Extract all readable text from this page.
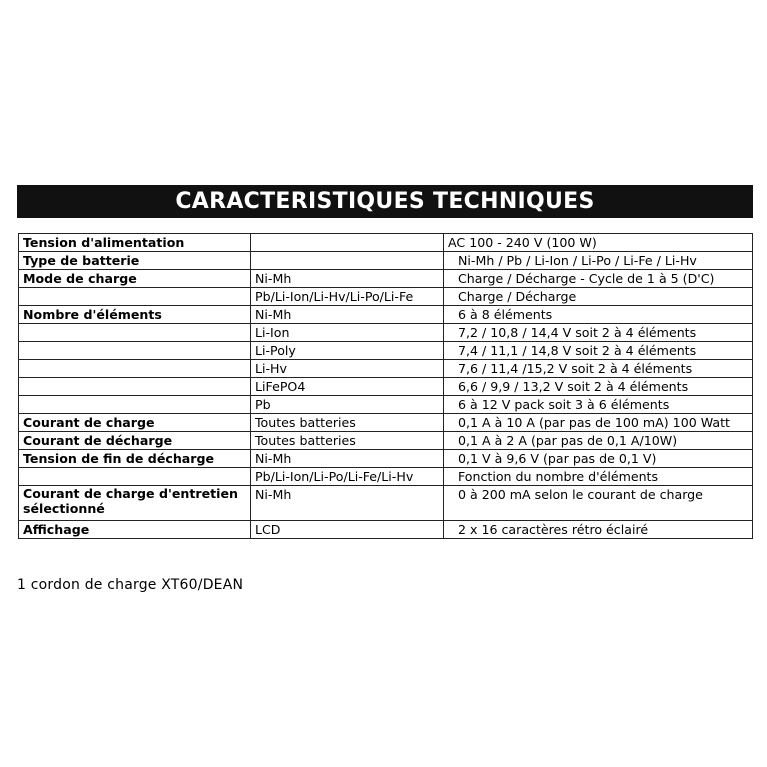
CARACTERISTIQUES TECHNIQUES
Tension d'alimentation		AC 100 - 240 V (100 W)
Type de batterie		Ni-Mh / Pb / Li-Ion / Li-Po / Li-Fe / Li-Hv
Mode de charge	Ni-Mh	Charge / Décharge - Cycle de 1 à 5 (D'C)
	Pb/Li-Ion/Li-Hv/Li-Po/Li-Fe	Charge / Décharge
Nombre d'éléments	Ni-Mh	6 à 8 éléments
	Li-Ion	7,2 / 10,8 / 14,4 V soit 2 à 4 éléments
	Li-Poly	7,4 / 11,1 / 14,8 V soit 2 à 4 éléments
	Li-Hv	7,6 / 11,4 /15,2 V soit 2 à 4 éléments
	LiFePO4	6,6 / 9,9 / 13,2 V soit 2 à 4 éléments
	Pb	6 à 12 V pack soit 3 à 6 éléments
Courant de charge	Toutes batteries	0,1 A à 10 A (par pas de 100 mA) 100 Watt
Courant de décharge	Toutes batteries	0,1 A à 2 A (par pas de 0,1 A/10W)
Tension de fin de décharge	Ni-Mh	0,1 V à 9,6 V (par pas de 0,1 V)
	Pb/Li-Ion/Li-Po/Li-Fe/Li-Hv	Fonction du nombre d'éléments

Courant de charge d'entretien sélectionné	Ni-Mh	0 à 200 mA selon le courant de charge
Affichage	LCD	2 x 16 caractères rétro éclairé
1 cordon de charge XT60/DEAN
